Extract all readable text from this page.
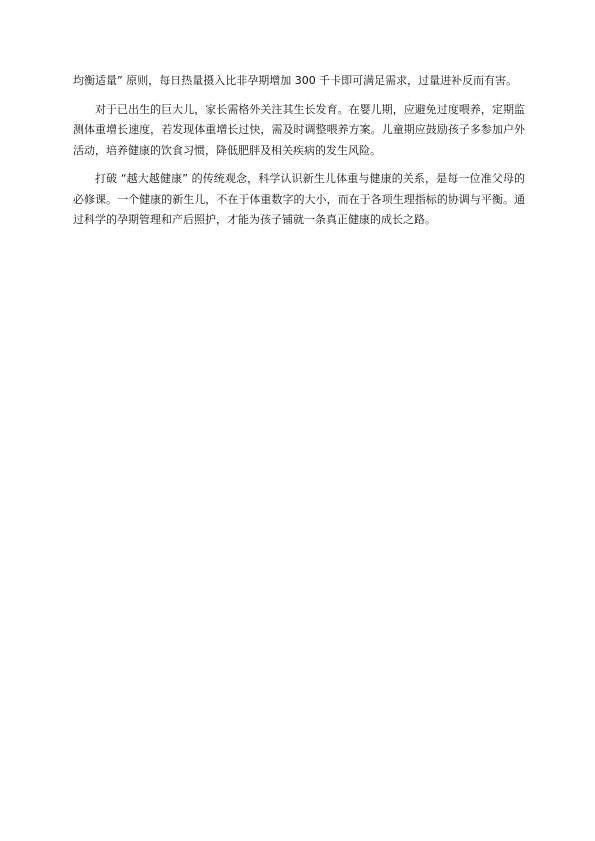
均衡适量” 原则，每日热量摄入比非孕期增加 300 千卡即可满足需求，过量进补反而有害。

对于已出生的巨大儿，家长需格外关注其生长发育。在婴儿期，应避免过度喂养，定期监测体重增长速度，若发现体重增长过快，需及时调整喂养方案。儿童期应鼓励孩子多参加户外活动，培养健康的饮食习惯，降低肥胖及相关疾病的发生风险。

打破 “越大越健康” 的传统观念，科学认识新生儿体重与健康的关系，是每一位准父母的必修课。一个健康的新生儿，不在于体重数字的大小，而在于各项生理指标的协调与平衡。通过科学的孕期管理和产后照护，才能为孩子铺就一条真正健康的成长之路。
